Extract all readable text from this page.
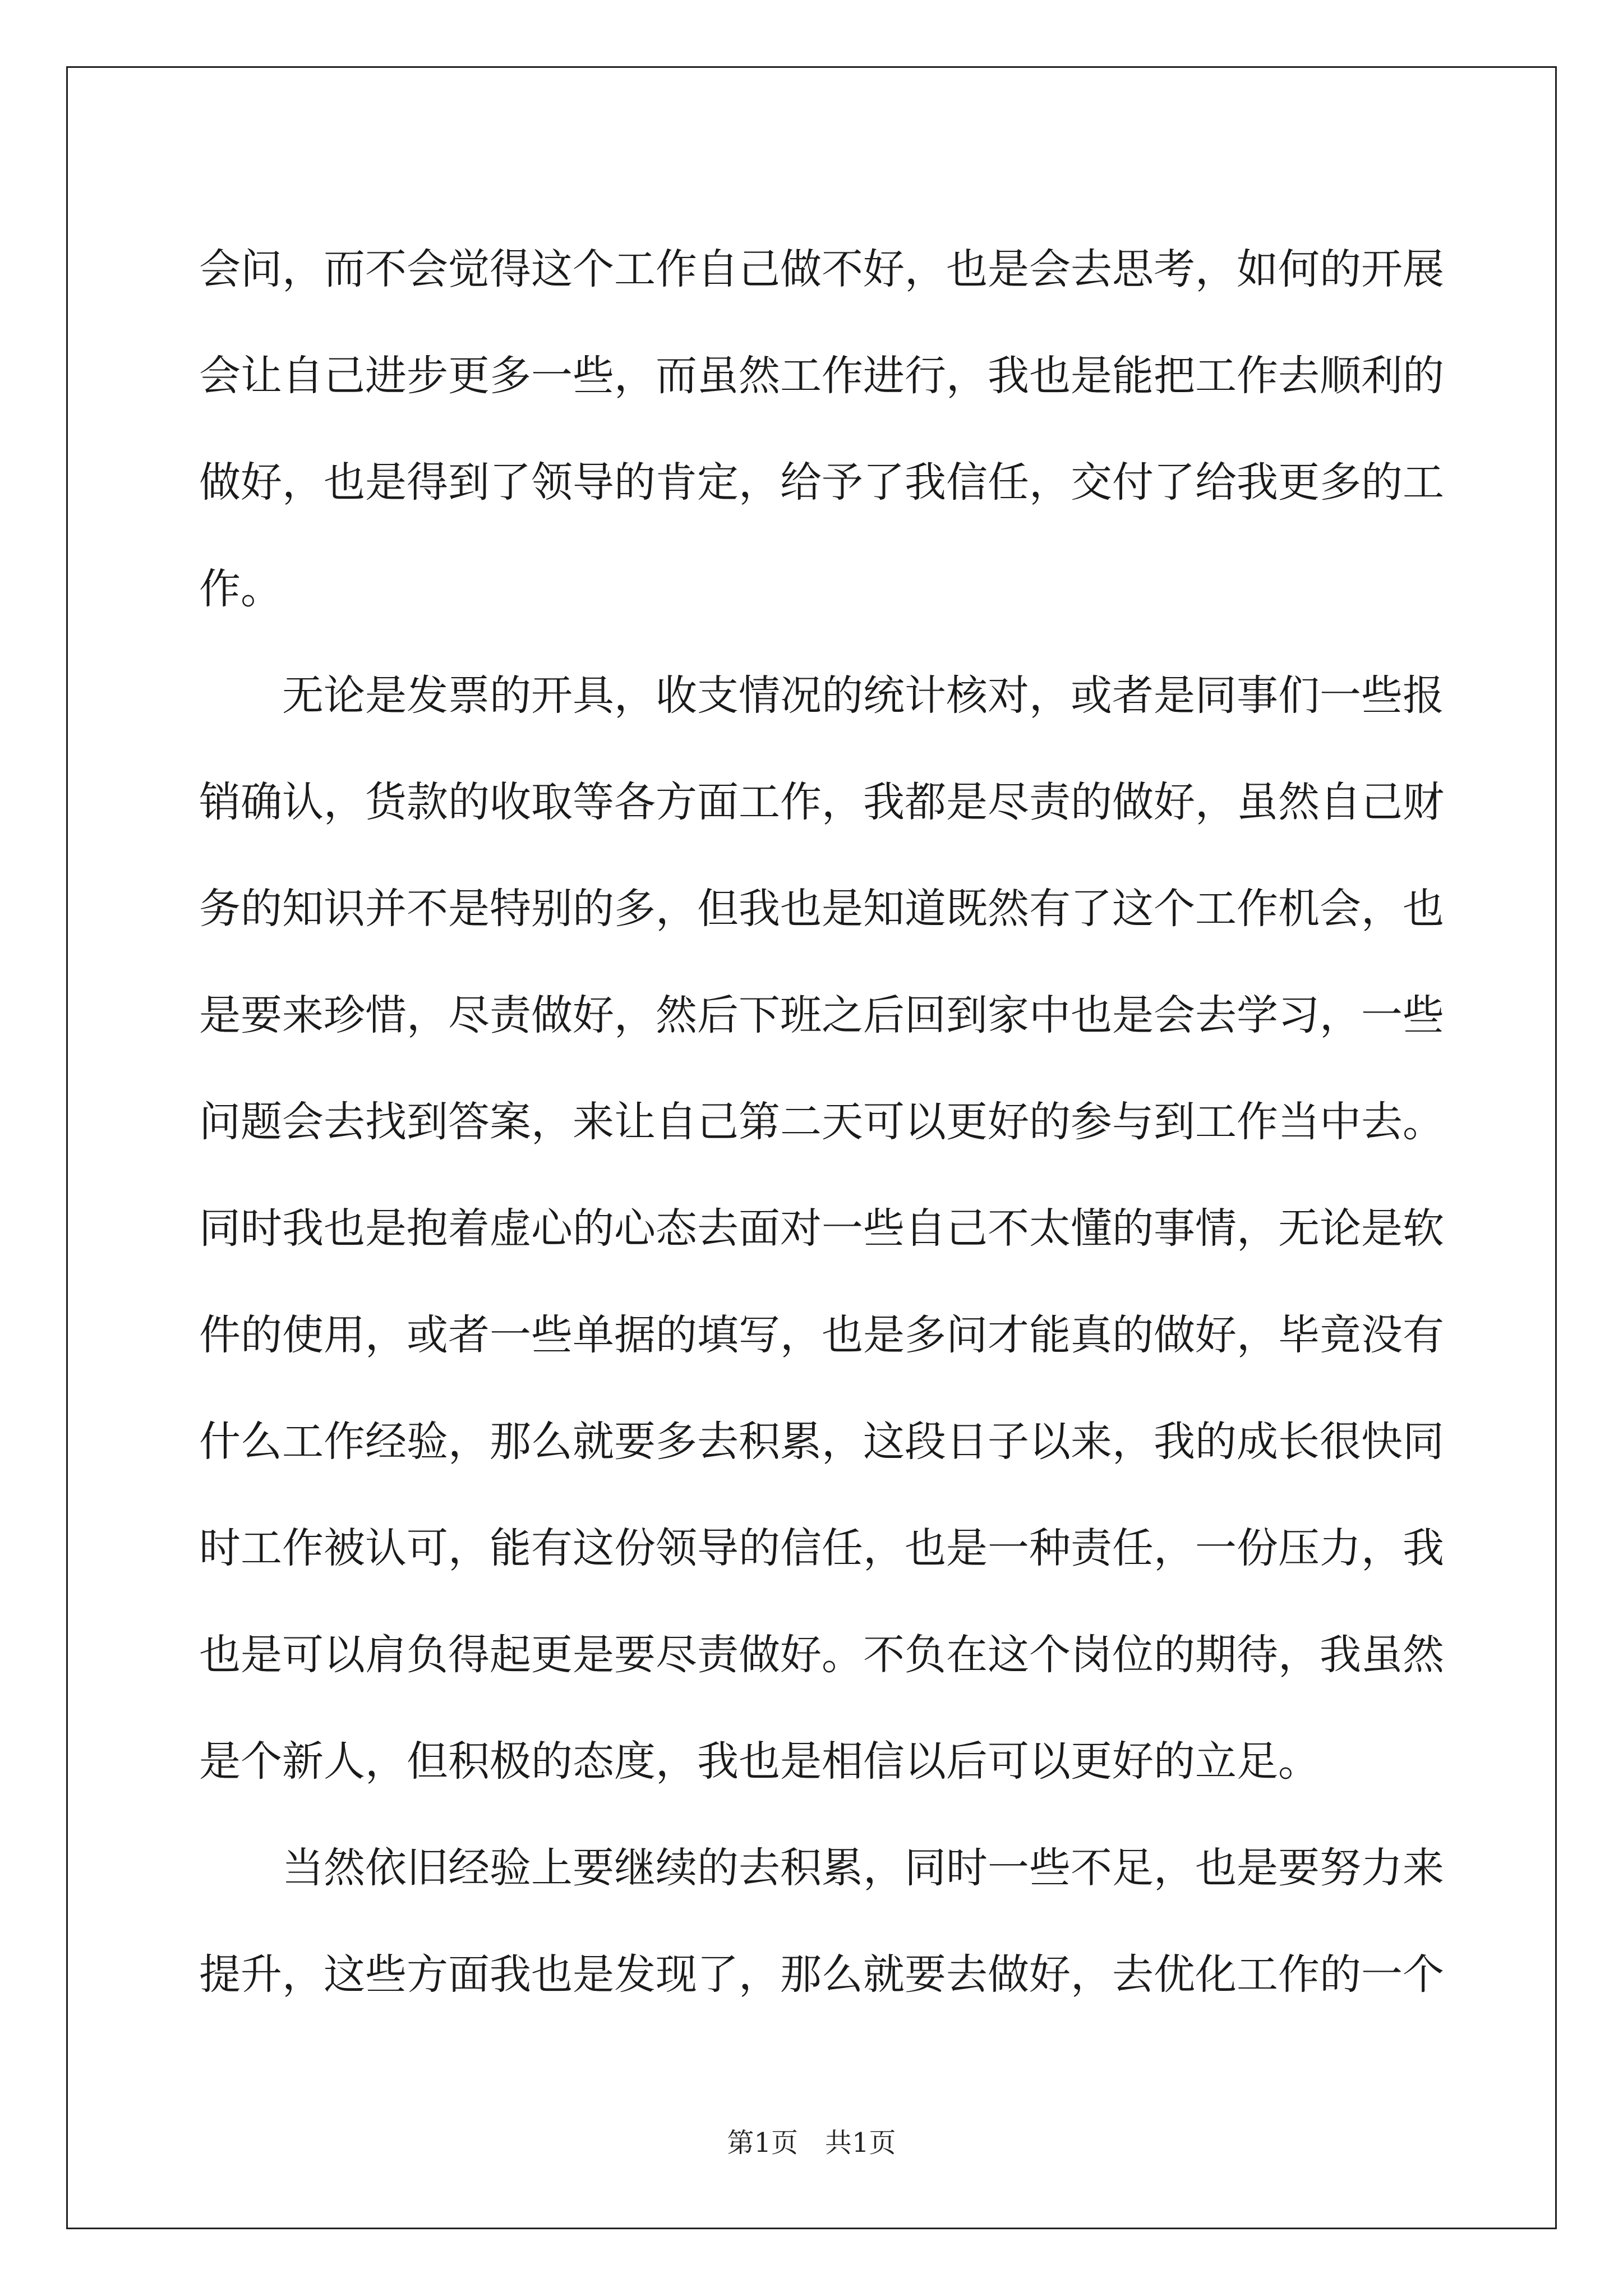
会问，而不会觉得这个工作自己做不好，也是会去思考，如何的开展
会让自己进步更多一些，而虽然工作进行，我也是能把工作去顺利的
做好，也是得到了领导的肯定，给予了我信任，交付了给我更多的工
作。
无论是发票的开具，收支情况的统计核对，或者是同事们一些报
销确认，货款的收取等各方面工作，我都是尽责的做好，虽然自己财
务的知识并不是特别的多，但我也是知道既然有了这个工作机会，也
是要来珍惜，尽责做好，然后下班之后回到家中也是会去学习，一些
问题会去找到答案，来让自己第二天可以更好的参与到工作当中去。
同时我也是抱着虚心的心态去面对一些自己不太懂的事情，无论是软
件的使用，或者一些单据的填写，也是多问才能真的做好，毕竟没有
什么工作经验，那么就要多去积累，这段日子以来，我的成长很快同
时工作被认可，能有这份领导的信任，也是一种责任，一份压力，我
也是可以肩负得起更是要尽责做好。不负在这个岗位的期待，我虽然
是个新人，但积极的态度，我也是相信以后可以更好的立足。
当然依旧经验上要继续的去积累，同时一些不足，也是要努力来
提升，这些方面我也是发现了，那么就要去做好，去优化工作的一个
第1页 共1页
